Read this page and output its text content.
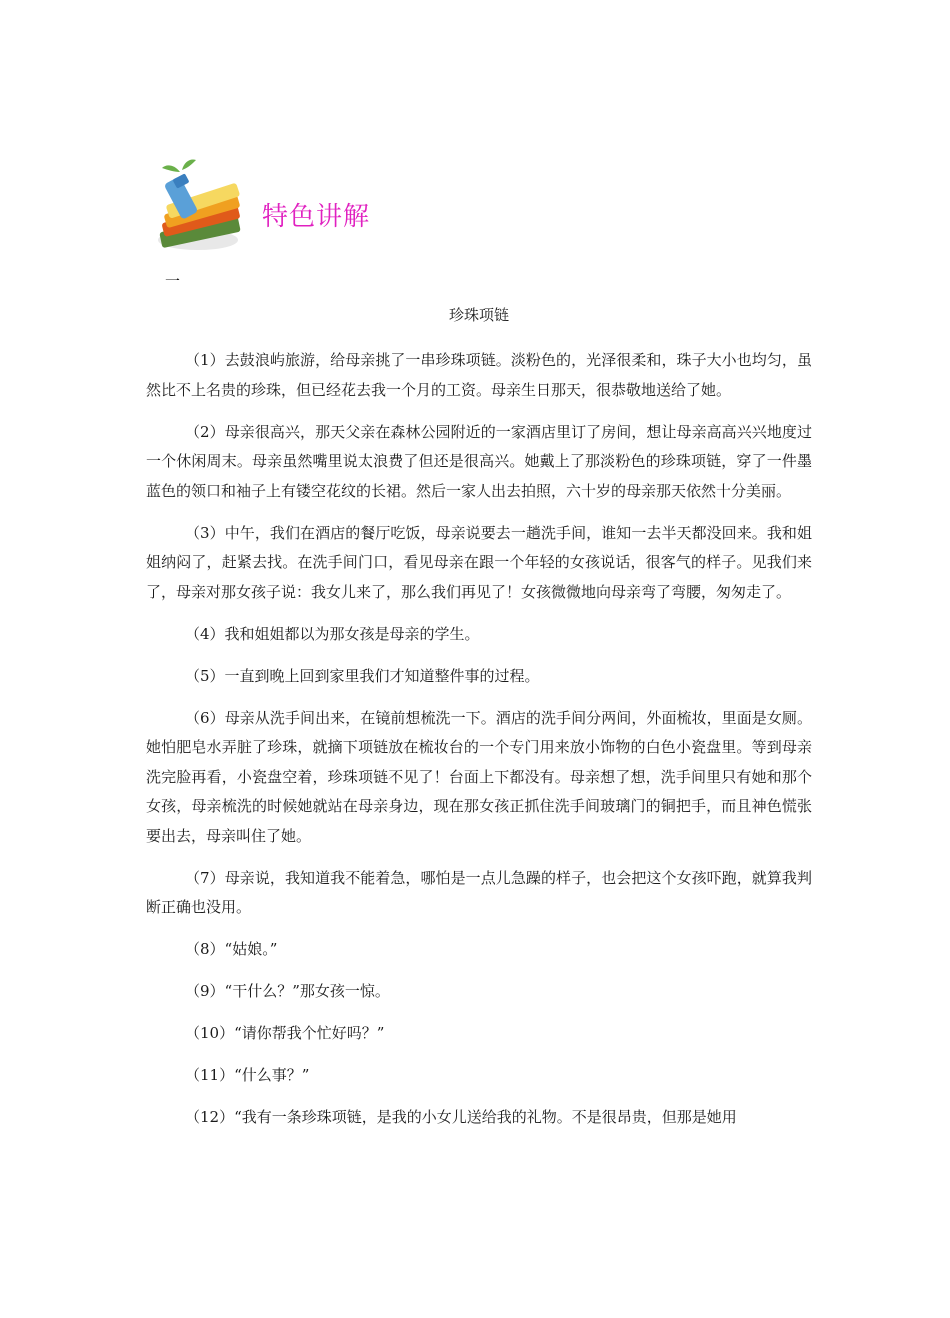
特色讲解
一
珍珠项链

（1）去鼓浪屿旅游，给母亲挑了一串珍珠项链。淡粉色的，光泽很柔和，珠子大小也均匀，虽然比不上名贵的珍珠，但已经花去我一个月的工资。母亲生日那天，很恭敬地送给了她。

（2）母亲很高兴，那天父亲在森林公园附近的一家酒店里订了房间，想让母亲高高兴兴地度过一个休闲周末。母亲虽然嘴里说太浪费了但还是很高兴。她戴上了那淡粉色的珍珠项链，穿了一件墨蓝色的领口和袖子上有镂空花纹的长裙。然后一家人出去拍照，六十岁的母亲那天依然十分美丽。

（3）中午，我们在酒店的餐厅吃饭，母亲说要去一趟洗手间，谁知一去半天都没回来。我和姐姐纳闷了，赶紧去找。在洗手间门口，看见母亲在跟一个年轻的女孩说话，很客气的样子。见我们来了，母亲对那女孩子说：我女儿来了，那么我们再见了！女孩微微地向母亲弯了弯腰，匆匆走了。

（4）我和姐姐都以为那女孩是母亲的学生。

（5）一直到晚上回到家里我们才知道整件事的过程。

（6）母亲从洗手间出来，在镜前想梳洗一下。酒店的洗手间分两间，外面梳妆，里面是女厕。她怕肥皂水弄脏了珍珠，就摘下项链放在梳妆台的一个专门用来放小饰物的白色小瓷盘里。等到母亲洗完脸再看，小瓷盘空着，珍珠项链不见了！台面上下都没有。母亲想了想，洗手间里只有她和那个女孩，母亲梳洗的时候她就站在母亲身边，现在那女孩正抓住洗手间玻璃门的铜把手，而且神色慌张要出去，母亲叫住了她。

（7）母亲说，我知道我不能着急，哪怕是一点儿急躁的样子，也会把这个女孩吓跑，就算我判断正确也没用。

（8）“姑娘。”

（9）“干什么？”那女孩一惊。

（10）“请你帮我个忙好吗？”

（11）“什么事？”

（12）“我有一条珍珠项链，是我的小女儿送给我的礼物。不是很昂贵，但那是她用
